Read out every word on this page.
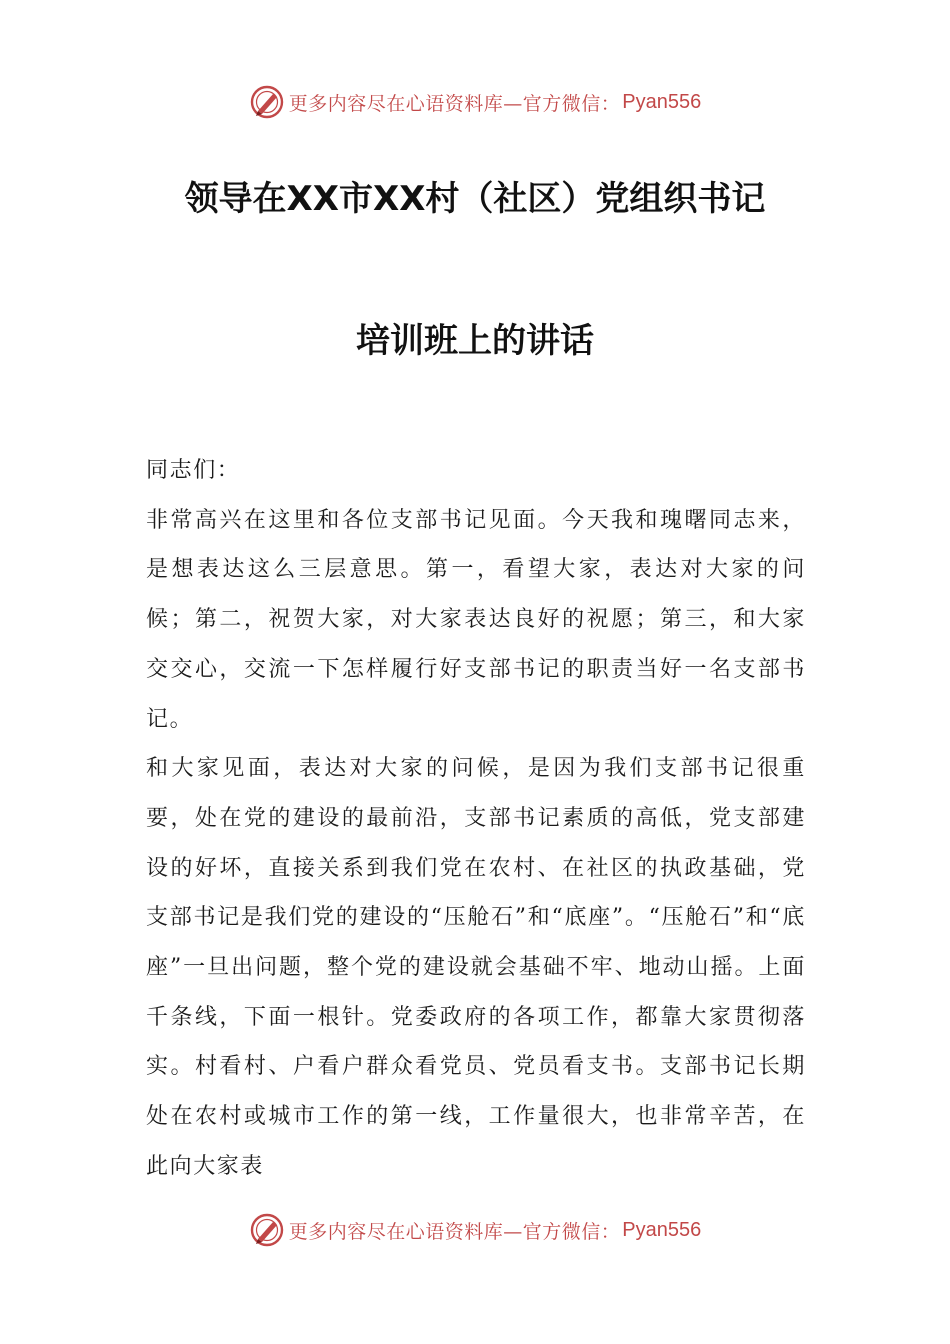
更多内容尽在心语资料库—官方微信： Pyan556
领导在XX市XX村（社区）党组织书记
培训班上的讲话

同志们：

非常高兴在这里和各位支部书记见面。今天我和瑰曙同志来，是想表达这么三层意思。第一，看望大家，表达对大家的问候；第二，祝贺大家，对大家表达良好的祝愿；第三，和大家交交心，交流一下怎样履行好支部书记的职责当好一名支部书记。

和大家见面，表达对大家的问候，是因为我们支部书记很重要，处在党的建设的最前沿，支部书记素质的高低，党支部建设的好坏，直接关系到我们党在农村、在社区的执政基础，党支部书记是我们党的建设的“压舱石”和“底座”。“压舱石”和“底座”一旦出问题，整个党的建设就会基础不牢、地动山摇。上面千条线，下面一根针。党委政府的各项工作，都靠大家贯彻落实。村看村、户看户群众看党员、党员看支书。支部书记长期处在农村或城市工作的第一线，工作量很大，也非常辛苦，在此向大家表

更多内容尽在心语资料库—官方微信： Pyan556
